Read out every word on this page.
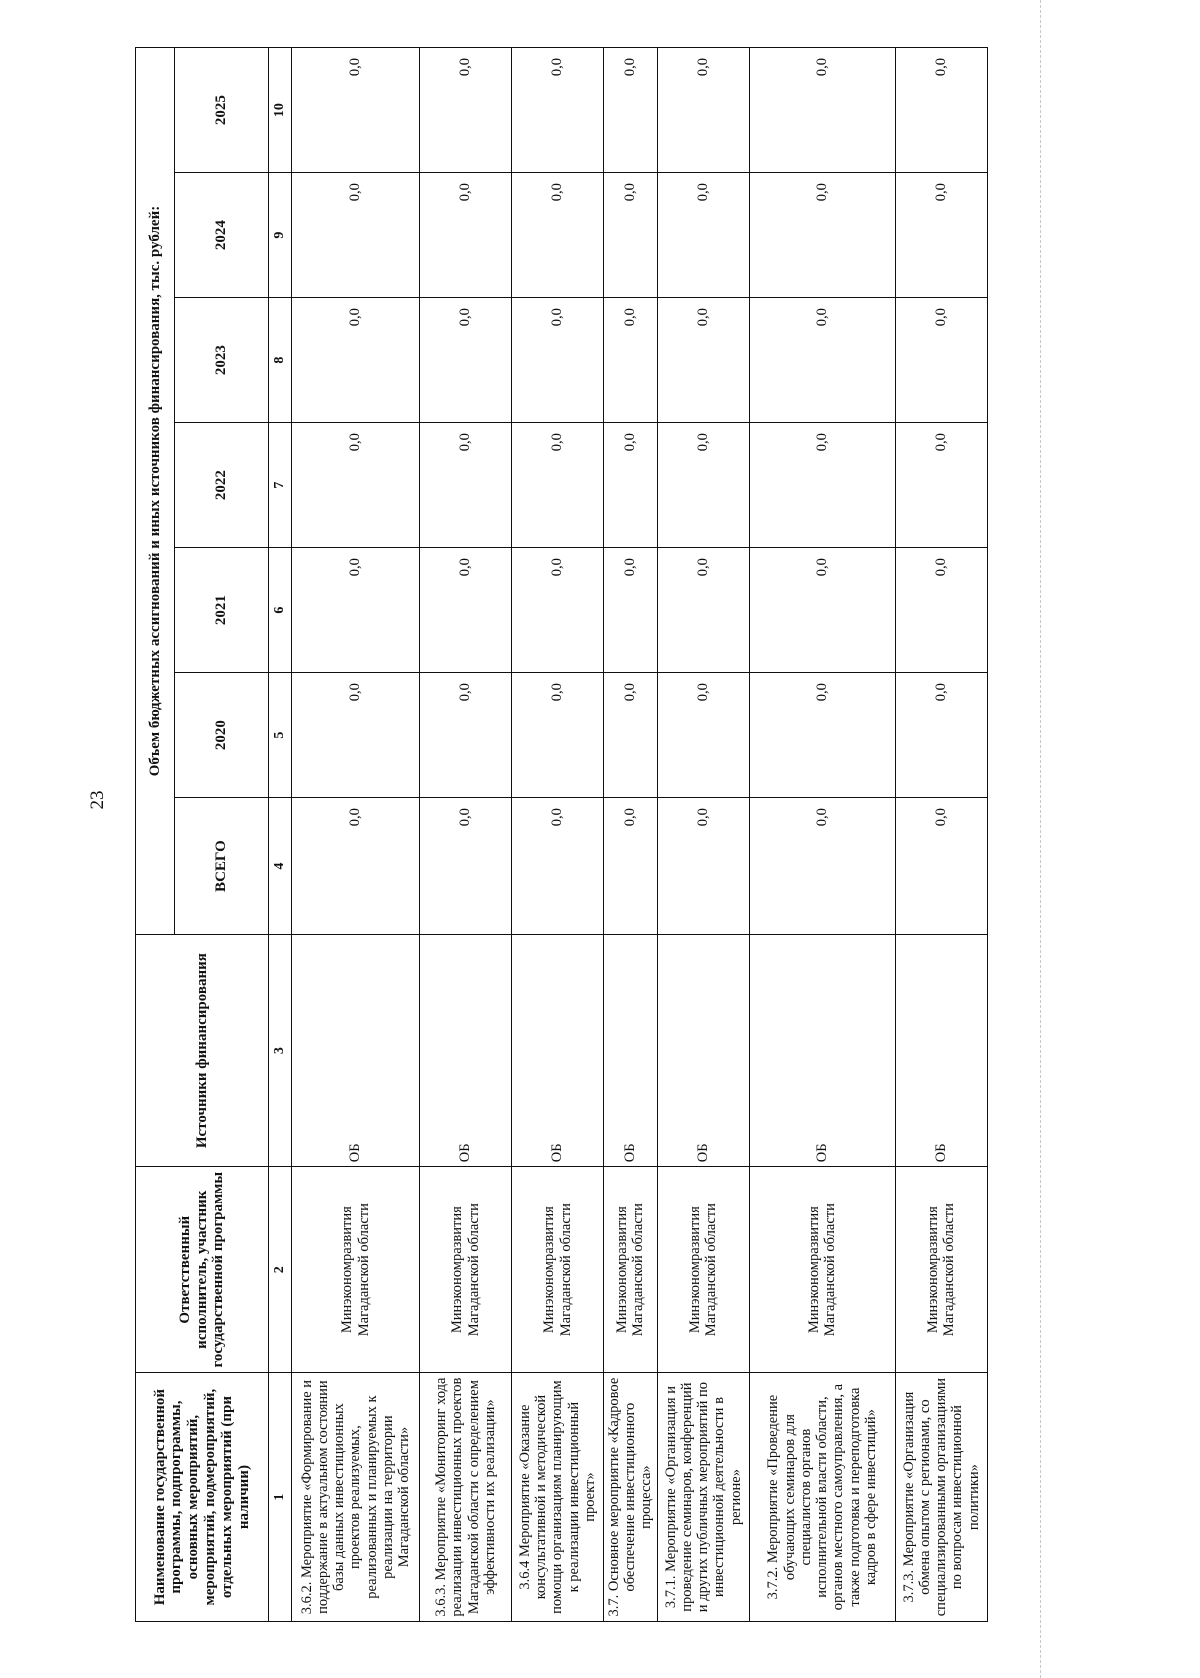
23
Наименование государственной программы, подпрограммы, основных мероприятий, мероприятий, подмероприятий, отдельных мероприятий (при наличии)	Ответственный исполнитель, участник государственной программы	Источники финансирования	Объем бюджетных ассигнований и иных источников финансирования, тыс. рублей:						
			ВСЕГО	2020	2021	2022	2023	2024	2025
1	2	3	4	5	6	7	8	9	10
3.6.2. Мероприятие «Формирование и поддержание в актуальном состоянии базы данных инвестиционных проектов реализуемых, реализованных и планируемых к реализации на территории Магаданской области»	Минэкономразвития Магаданской области	ОБ	0,0	0,0	0,0	0,0	0,0	0,0	0,0
3.6.3. Мероприятие «Мониторинг хода реализации инвестиционных проектов Магаданской области с определением эффективности их реализации»	Минэкономразвития Магаданской области	ОБ	0,0	0,0	0,0	0,0	0,0	0,0	0,0
3.6.4 Мероприятие «Оказание консультативной и методической помощи организациям планирующим к реализации инвестиционный проект»	Минэкономразвития Магаданской области	ОБ	0,0	0,0	0,0	0,0	0,0	0,0	0,0
3.7. Основное мероприятие «Кадровое обеспечение инвестиционного процесса»	Минэкономразвития Магаданской области	ОБ	0,0	0,0	0,0	0,0	0,0	0,0	0,0
3.7.1. Мероприятие «Организация и проведение семинаров, конференций и других публичных мероприятий по инвестиционной деятельности в регионе»	Минэкономразвития Магаданской области	ОБ	0,0	0,0	0,0	0,0	0,0	0,0	0,0
3.7.2. Мероприятие «Проведение обучающих семинаров для специалистов органов исполнительной власти области, органов местного самоуправления, а также подготовка и переподготовка кадров в сфере инвестиций»	Минэкономразвития Магаданской области	ОБ	0,0	0,0	0,0	0,0	0,0	0,0	0,0
3.7.3. Мероприятие «Организация обмена опытом с регионами, со специализированными организациями по вопросам инвестиционной политики»	Минэкономразвития Магаданской области	ОБ	0,0	0,0	0,0	0,0	0,0	0,0	0,0
